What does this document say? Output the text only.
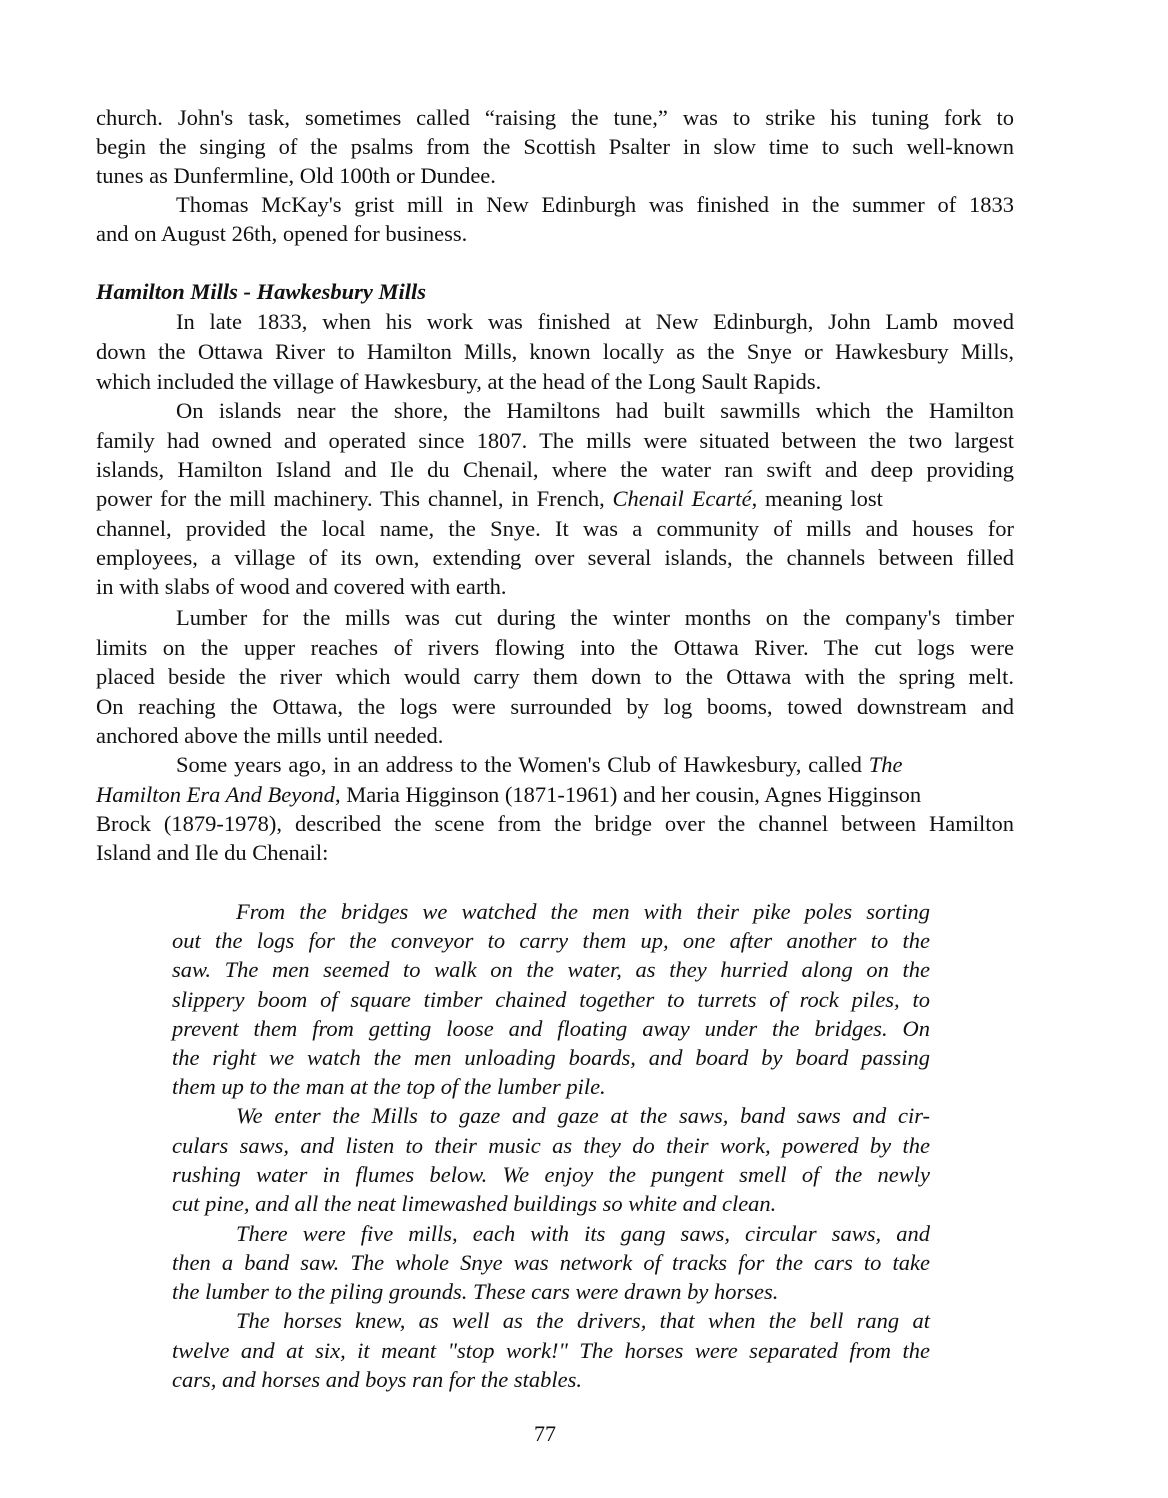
church. John's task, sometimes called “raising the tune,” was to strike his tuning fork to
begin the singing of the psalms from the Scottish Psalter in slow time to such well-known
tunes as Dunfermline, Old 100th or Dundee.
Thomas McKay's grist mill in New Edinburgh was finished in the summer of 1833
and on August 26th, opened for business.
Hamilton Mills - Hawkesbury Mills
In late 1833, when his work was finished at New Edinburgh, John Lamb moved
down the Ottawa River to Hamilton Mills, known locally as the Snye or Hawkesbury Mills,
which included the village of Hawkesbury, at the head of the Long Sault Rapids.
On islands near the shore, the Hamiltons had built sawmills which the Hamilton
family had owned and operated since 1807. The mills were situated between the two largest
islands, Hamilton Island and Ile du Chenail, where the water ran swift and deep providing
power for the mill machinery. This channel, in French, Chenail Ecarté, meaning lost
channel, provided the local name, the Snye. It was a community of mills and houses for
employees, a village of its own, extending over several islands, the channels between filled
in with slabs of wood and covered with earth.
Lumber for the mills was cut during the winter months on the company's timber
limits on the upper reaches of rivers flowing into the Ottawa River. The cut logs were
placed beside the river which would carry them down to the Ottawa with the spring melt.
On reaching the Ottawa, the logs were surrounded by log booms, towed downstream and
anchored above the mills until needed.
Some years ago, in an address to the Women's Club of Hawkesbury, called The
Hamilton Era And Beyond, Maria Higginson (1871-1961) and her cousin, Agnes Higginson
Brock (1879-1978), described the scene from the bridge over the channel between Hamilton
Island and Ile du Chenail:
From the bridges we watched the men with their pike poles sorting
out the logs for the conveyor to carry them up, one after another to the
saw. The men seemed to walk on the water, as they hurried along on the
slippery boom of square timber chained together to turrets of rock piles, to
prevent them from getting loose and floating away under the bridges. On
the right we watch the men unloading boards, and board by board passing
them up to the man at the top of the lumber pile.
We enter the Mills to gaze and gaze at the saws, band saws and cir-
culars saws, and listen to their music as they do their work, powered by the
rushing water in flumes below. We enjoy the pungent smell of the newly
cut pine, and all the neat limewashed buildings so white and clean.
There were five mills, each with its gang saws, circular saws, and
then a band saw. The whole Snye was network of tracks for the cars to take
the lumber to the piling grounds. These cars were drawn by horses.
The horses knew, as well as the drivers, that when the bell rang at
twelve and at six, it meant "stop work!" The horses were separated from the
cars, and horses and boys ran for the stables.
77
